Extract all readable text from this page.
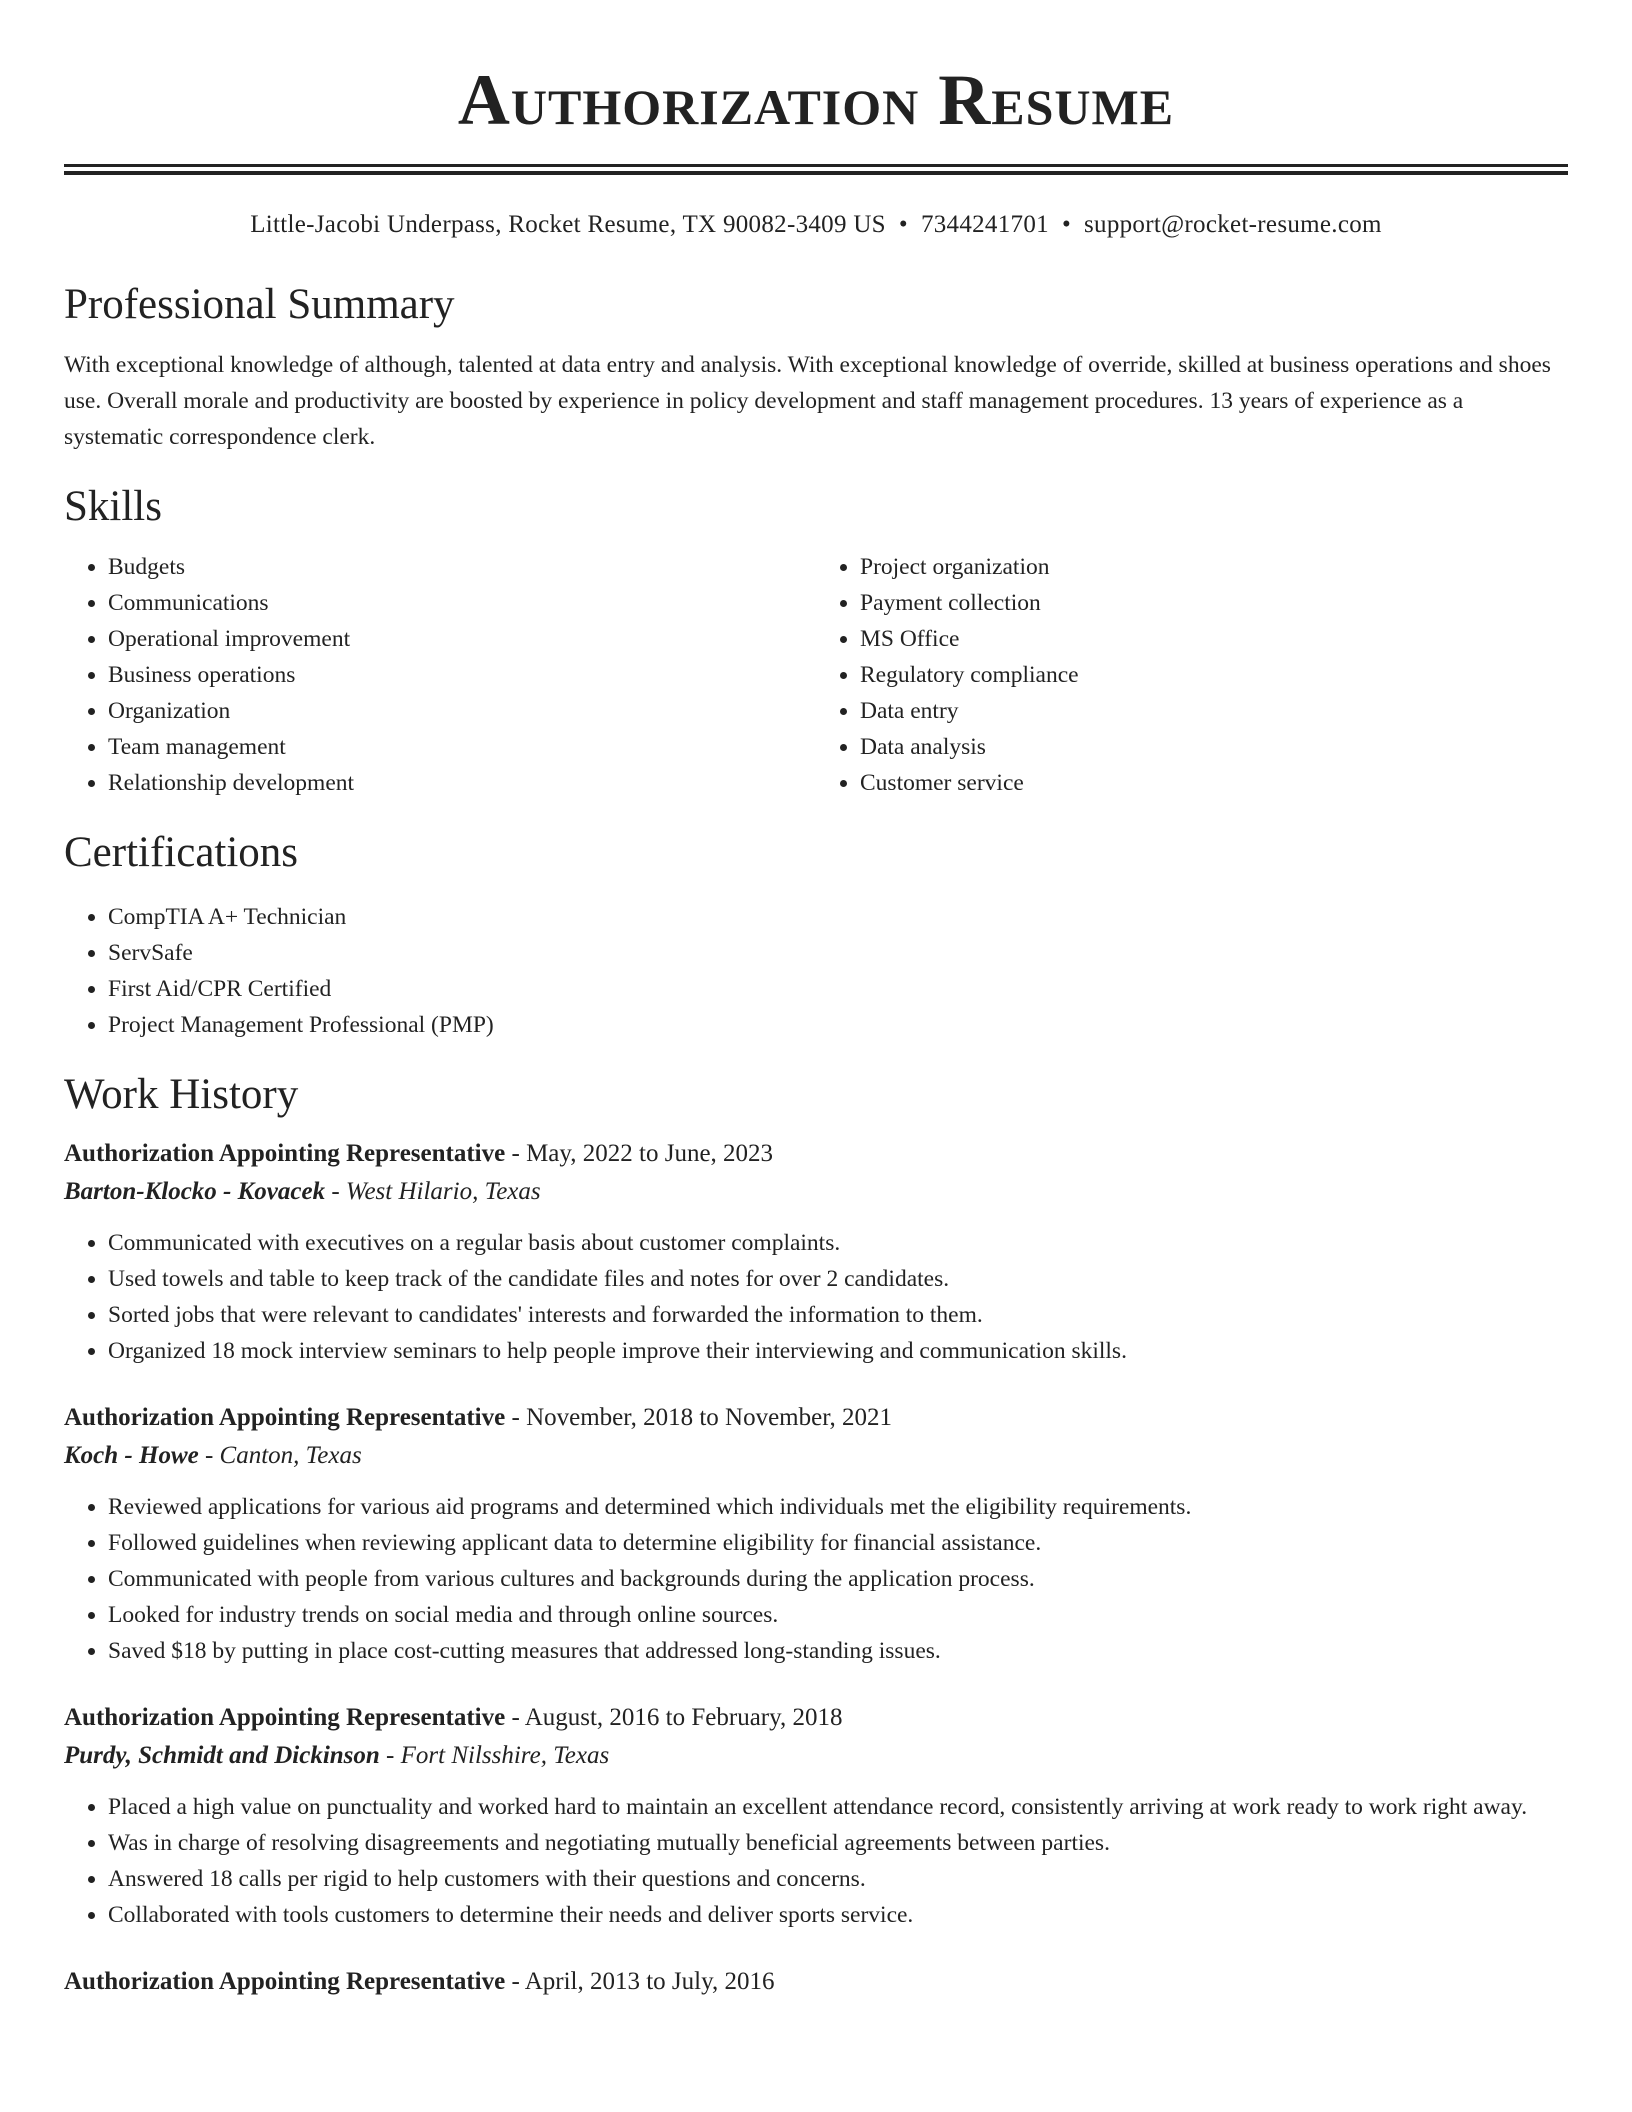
Authorization Resume
Little-Jacobi Underpass, Rocket Resume, TX 90082-3409 US • 7344241701 • support@rocket-resume.com
Professional Summary

With exceptional knowledge of although, talented at data entry and analysis. With exceptional knowledge of override, skilled at business operations and shoes use. Overall morale and productivity are boosted by experience in policy development and staff management procedures. 13 years of experience as a systematic correspondence clerk.

Skills
• Budgets
• Communications
• Operational improvement
• Business operations
• Organization
• Team management
• Relationship development
• Project organization
• Payment collection
• MS Office
• Regulatory compliance
• Data entry
• Data analysis
• Customer service
Certifications
• CompTIA A+ Technician
• ServSafe
• First Aid/CPR Certified
• Project Management Professional (PMP)
Work History
Authorization Appointing Representative - May, 2022 to June, 2023
Barton-Klocko - Kovacek - West Hilario, Texas
• Communicated with executives on a regular basis about customer complaints.
• Used towels and table to keep track of the candidate files and notes for over 2 candidates.
• Sorted jobs that were relevant to candidates' interests and forwarded the information to them.
• Organized 18 mock interview seminars to help people improve their interviewing and communication skills.
Authorization Appointing Representative - November, 2018 to November, 2021
Koch - Howe - Canton, Texas
• Reviewed applications for various aid programs and determined which individuals met the eligibility requirements.
• Followed guidelines when reviewing applicant data to determine eligibility for financial assistance.
• Communicated with people from various cultures and backgrounds during the application process.
• Looked for industry trends on social media and through online sources.
• Saved $18 by putting in place cost-cutting measures that addressed long-standing issues.
Authorization Appointing Representative - August, 2016 to February, 2018
Purdy, Schmidt and Dickinson - Fort Nilsshire, Texas
• Placed a high value on punctuality and worked hard to maintain an excellent attendance record, consistently arriving at work ready to work right away.
• Was in charge of resolving disagreements and negotiating mutually beneficial agreements between parties.
• Answered 18 calls per rigid to help customers with their questions and concerns.
• Collaborated with tools customers to determine their needs and deliver sports service.
Authorization Appointing Representative - April, 2013 to July, 2016
